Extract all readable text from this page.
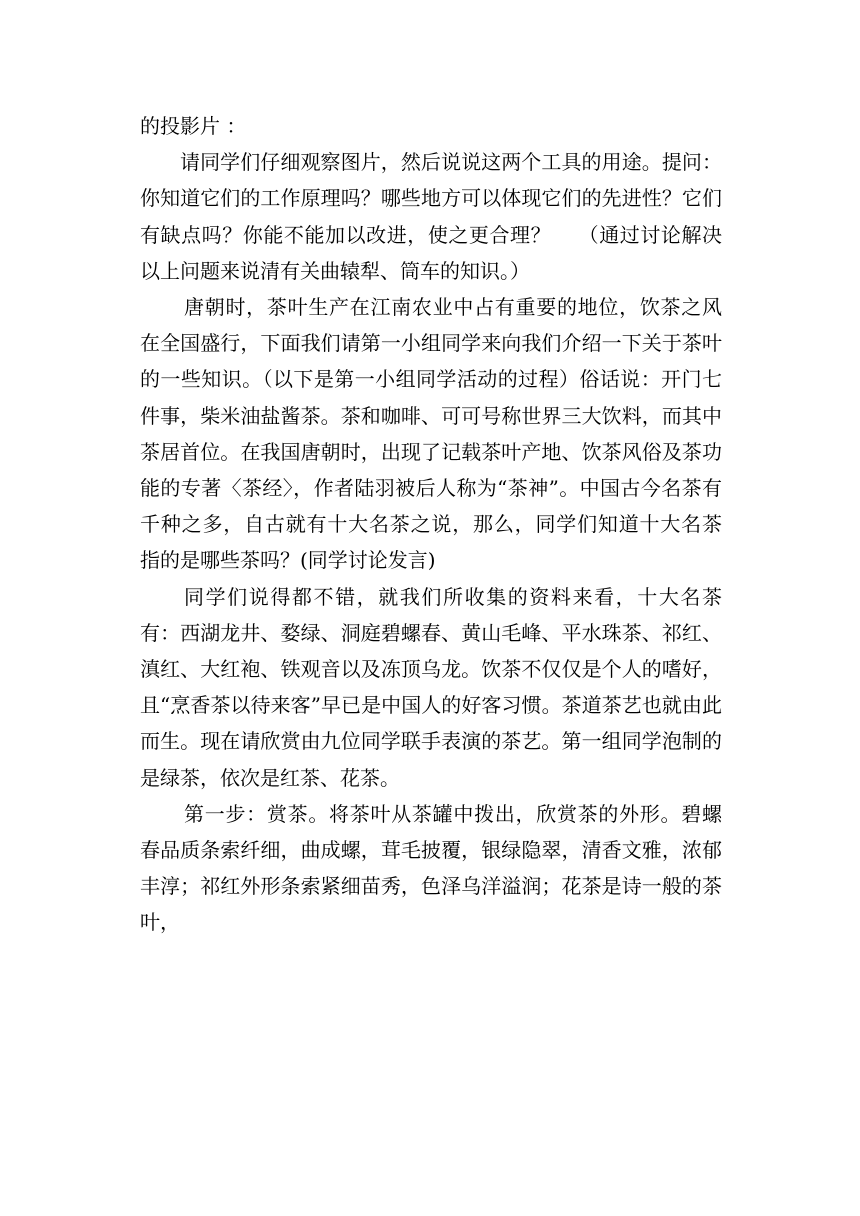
的投影片 ：

请同学们仔细观察图片，然后说说这两个工具的用途。提问：你知道它们的工作原理吗？哪些地方可以体现它们的先进性？它们有缺点吗？你能不能加以改进，使之更合理？　 （通过讨论解决以上问题来说清有关曲辕犁、筒车的知识。）

唐朝时，茶叶生产在江南农业中占有重要的地位，饮茶之风在全国盛行，下面我们请第一小组同学来向我们介绍一下关于茶叶的一些知识。（以下是第一小组同学活动的过程）俗话说：开门七件事，柴米油盐酱茶。茶和咖啡、可可号称世界三大饮料，而其中茶居首位。在我国唐朝时，出现了记载茶叶产地、饮茶风俗及茶功能的专著〈茶经〉，作者陆羽被后人称为“茶神”。中国古今名茶有千种之多，自古就有十大名茶之说，那么，同学们知道十大名茶 指的是哪些茶吗？(同学讨论发言)

同学们说得都不错，就我们所收集的资料来看，十大名茶有：西湖龙井、婺绿、洞庭碧螺春、黄山毛峰、平水珠茶、祁红、滇红、大红袍、铁观音以及冻顶乌龙。饮茶不仅仅是个人的嗜好，且“烹香茶以待来客”早已是中国人的好客习惯。茶道茶艺也就由此而生。现在请欣赏由九位同学联手表演的茶艺。第一组同学泡制的是绿茶，依次是红茶、花茶。

第一步：赏茶。将茶叶从茶罐中拨出，欣赏茶的外形。碧螺春品质条索纤细，曲成螺，茸毛披覆，银绿隐翠，清香文雅，浓郁丰淳；祁红外形条索紧细苗秀，色泽乌洋溢润；花茶是诗一般的茶叶，
